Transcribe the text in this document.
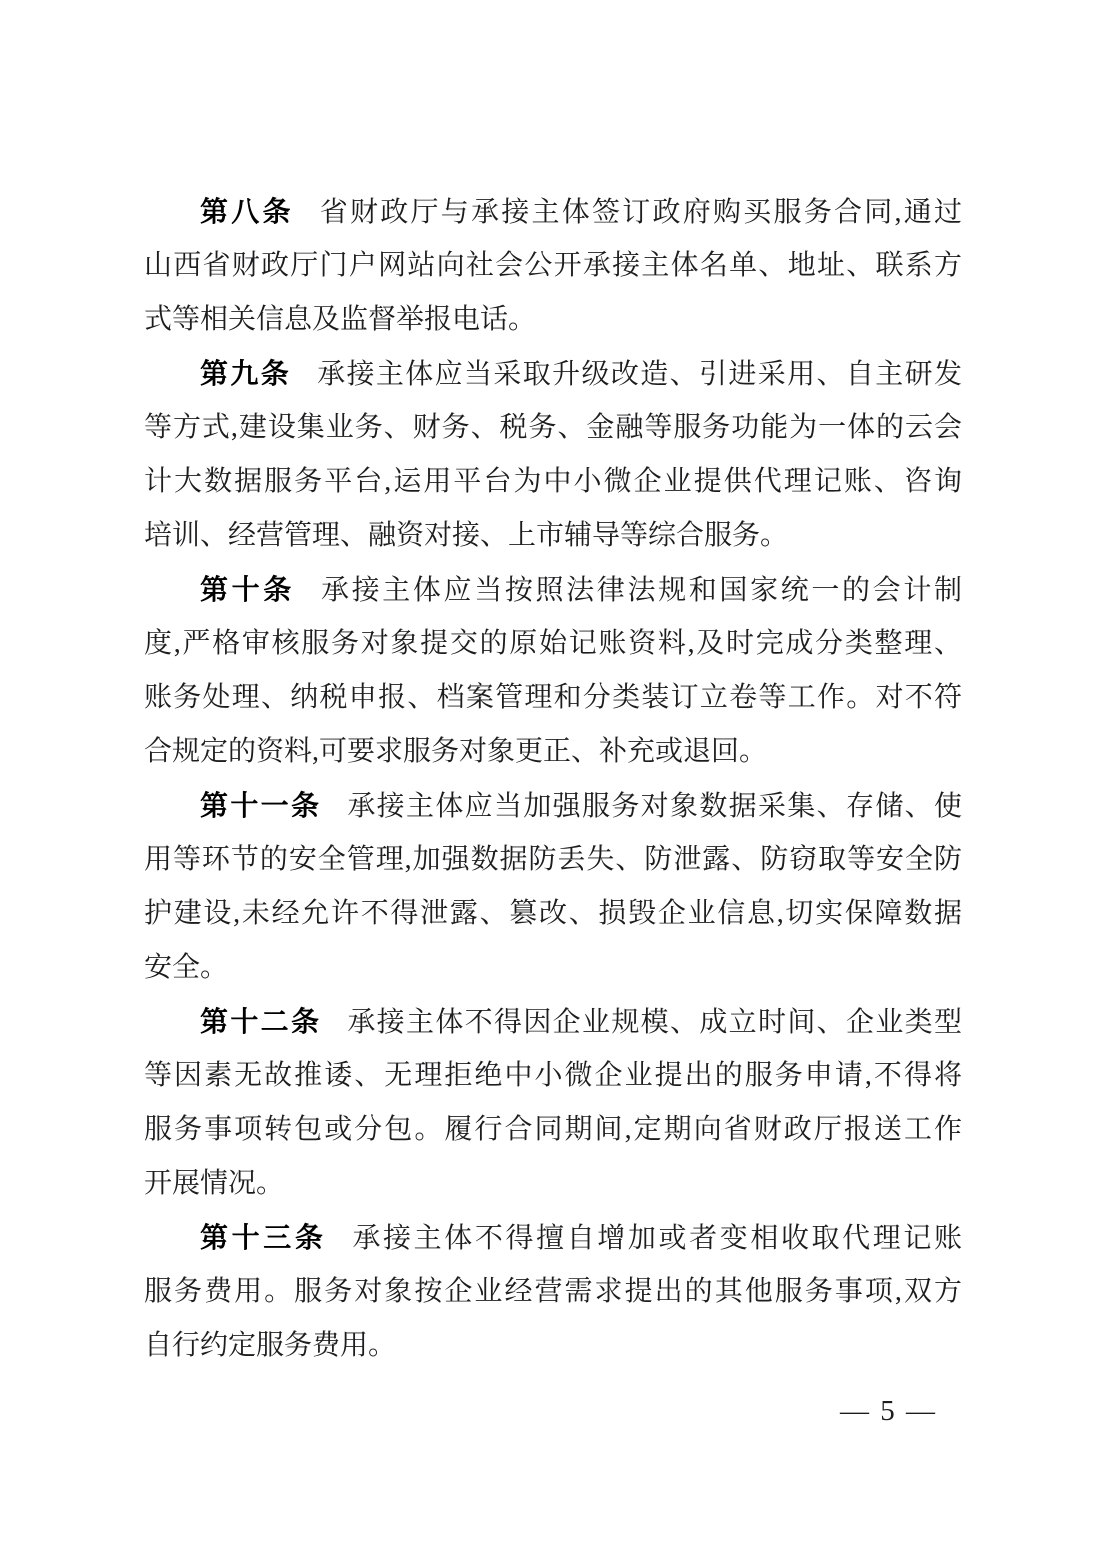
第八条 省财政厅与承接主体签订政府购买服务合同,通过
山西省财政厅门户网站向社会公开承接主体名单、地址、联系方
式等相关信息及监督举报电话。
第九条 承接主体应当采取升级改造、引进采用、自主研发
等方式,建设集业务、财务、税务、金融等服务功能为一体的云会
计大数据服务平台,运用平台为中小微企业提供代理记账、咨询
培训、经营管理、融资对接、上市辅导等综合服务。
第十条 承接主体应当按照法律法规和国家统一的会计制
度,严格审核服务对象提交的原始记账资料,及时完成分类整理、
账务处理、纳税申报、档案管理和分类装订立卷等工作。对不符
合规定的资料,可要求服务对象更正、补充或退回。
第十一条 承接主体应当加强服务对象数据采集、存储、使
用等环节的安全管理,加强数据防丢失、防泄露、防窃取等安全防
护建设,未经允许不得泄露、篡改、损毁企业信息,切实保障数据
安全。
第十二条 承接主体不得因企业规模、成立时间、企业类型
等因素无故推诿、无理拒绝中小微企业提出的服务申请,不得将
服务事项转包或分包。履行合同期间,定期向省财政厅报送工作
开展情况。
第十三条 承接主体不得擅自增加或者变相收取代理记账
服务费用。服务对象按企业经营需求提出的其他服务事项,双方
自行约定服务费用。
— 5 —
